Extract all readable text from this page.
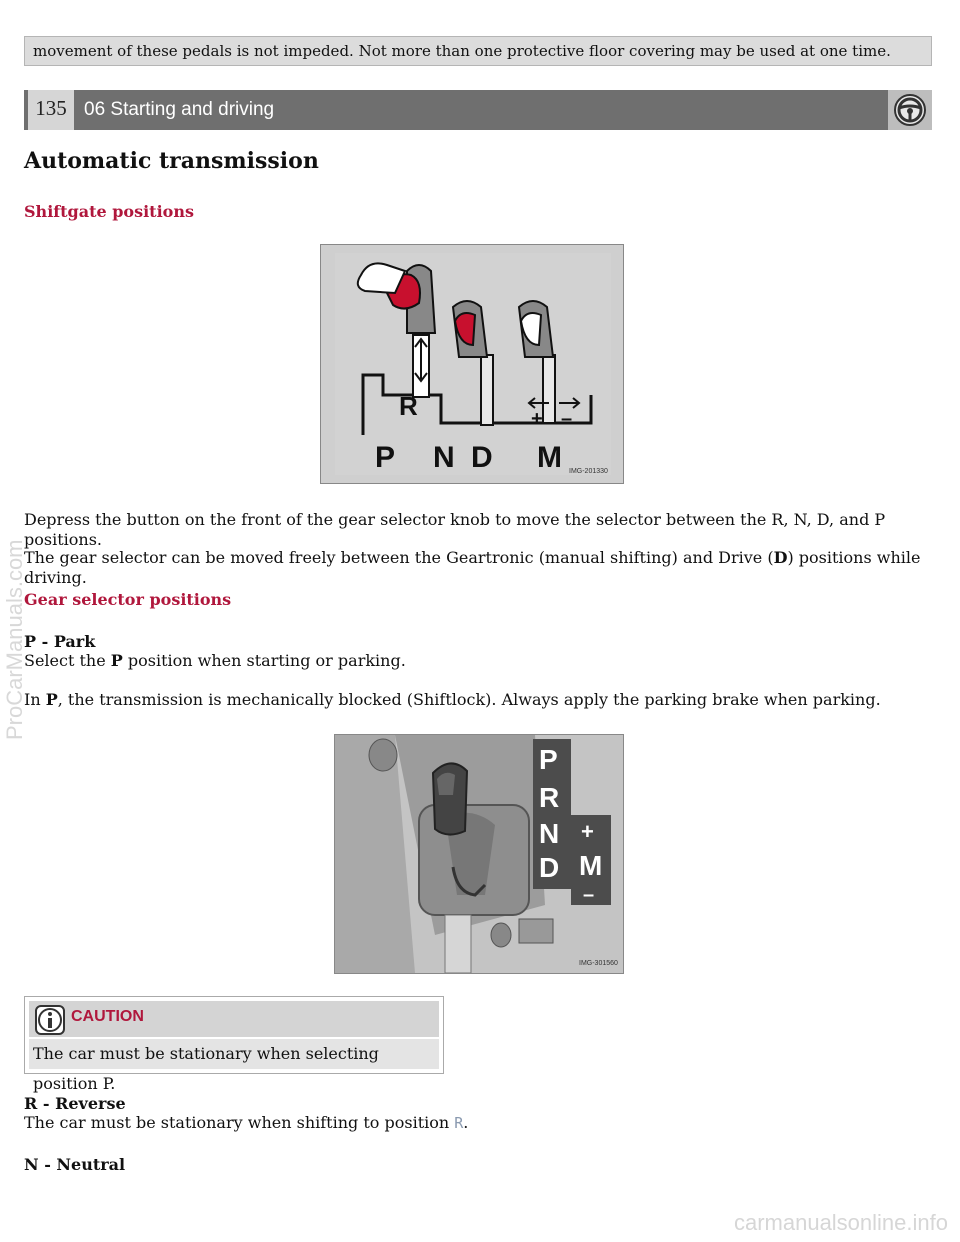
movement of these pedals is not impeded. Not more than one protective floor covering may be used at one time.
135 06 Starting and driving
Automatic transmission
Shiftgate positions
R	+ –
P N D M IMG-201330

Depress the button on the front of the gear selector knob to move the selector between the R, N, D, and P positions.

The gear selector can be moved freely between the Geartronic (manual shifting) and Drive (D) positions while driving.

Gear selector positions
P - Park

Select the P position when starting or parking.

In P, the transmission is mechanically blocked (Shiftlock). Always apply the parking brake when parking.

P
R
N
D
+
M
–
IMG-301560
CAUTION
The car must be stationary when selecting position P.
R - Reverse

The car must be stationary when shifting to position R.

N - Neutral
ProCarManuals.com
carmanualsonline.info
